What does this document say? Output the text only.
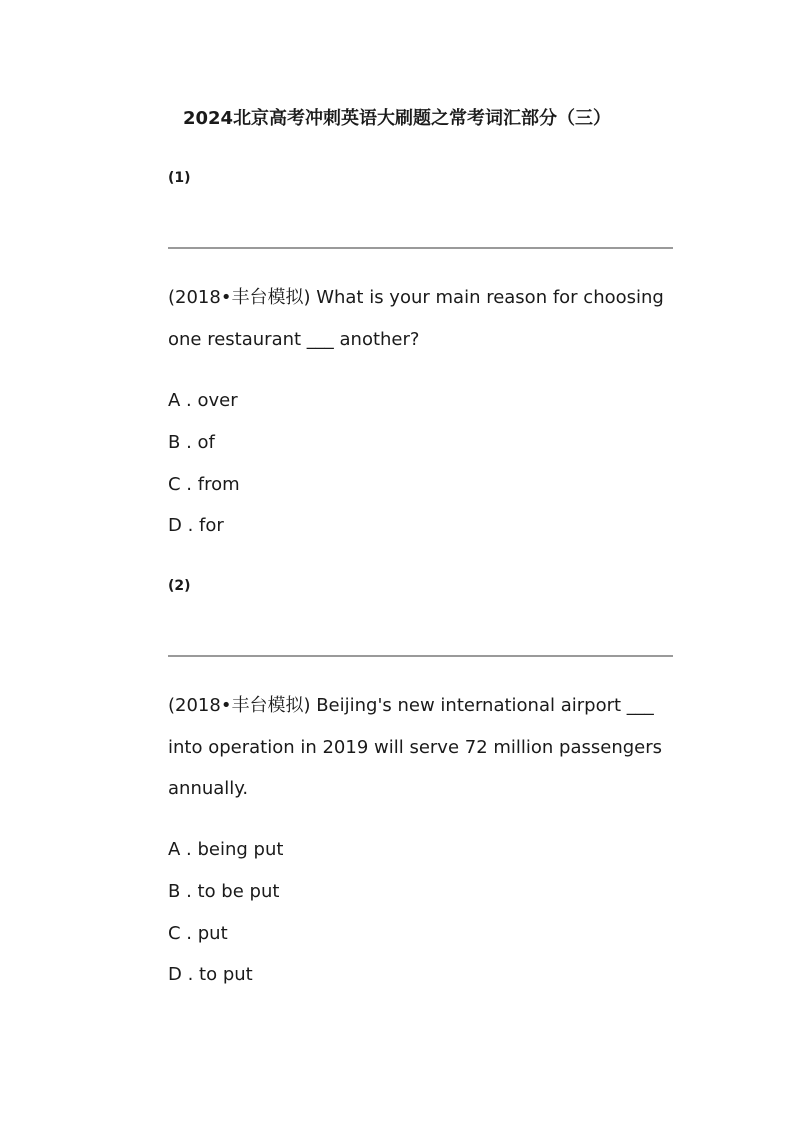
2024北京高考冲刺英语大刷题之常考词汇部分（三）
(1)
(2018•丰台模拟) What is your main reason for choosing one restaurant ___ another?
A . over
B . of
C . from
D . for
(2)
(2018•丰台模拟) Beijing's new international airport ___ into operation in 2019 will serve 72 million passengers annually.
A . being put
B . to be put
C . put
D . to put
